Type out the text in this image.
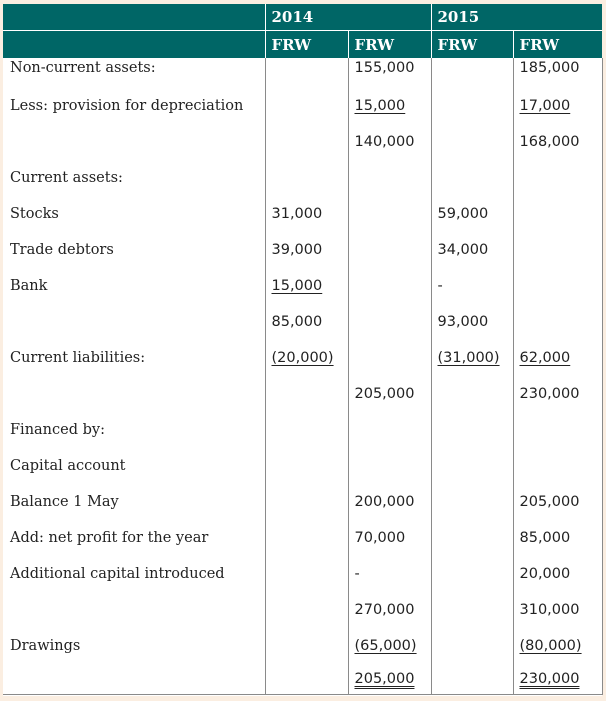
	2014		2015	
	FRW	FRW	FRW	FRW
Non-current assets:		155,000		185,000
Less: provision for depreciation		15,000		17,000
		140,000		168,000
Current assets:				
Stocks	31,000		59,000	
Trade debtors	39,000		34,000	
Bank	15,000		-	
	85,000		93,000	
Current liabilities:	(20,000)		(31,000)	62,000
		205,000		230,000
Financed by:				
Capital account				
Balance 1 May		200,000		205,000
Add: net profit for the year		70,000		85,000
Additional capital introduced		-		20,000
		270,000		310,000
Drawings		(65,000)		(80,000)
		205,000		230,000
